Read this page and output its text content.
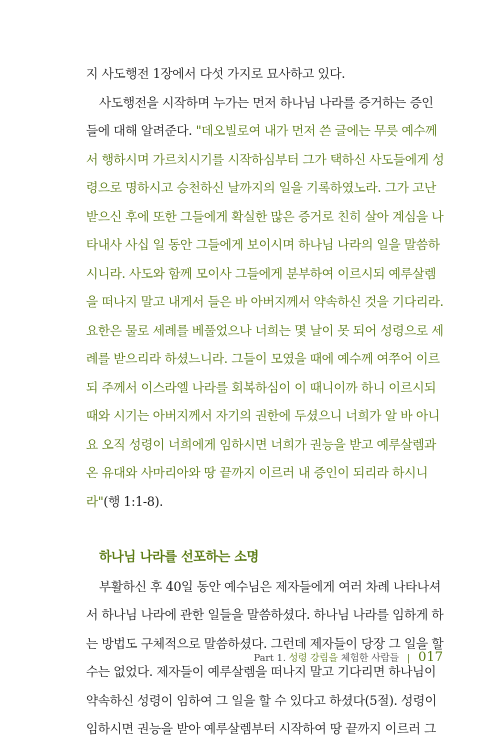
지 사도행전 1장에서 다섯 가지로 묘사하고 있다.
사도행전을 시작하며 누가는 먼저 하나님 나라를 증거하는 증인
들에 대해 알려준다. "데오빌로여 내가 먼저 쓴 글에는 무릇 예수께
서 행하시며 가르치시기를 시작하심부터 그가 택하신 사도들에게 성
령으로 명하시고 승천하신 날까지의 일을 기록하였노라. 그가 고난
받으신 후에 또한 그들에게 확실한 많은 증거로 친히 살아 계심을 나
타내사 사십 일 동안 그들에게 보이시며 하나님 나라의 일을 말씀하
시니라. 사도와 함께 모이사 그들에게 분부하여 이르시되 예루살렘
을 떠나지 말고 내게서 들은 바 아버지께서 약속하신 것을 기다리라.
요한은 물로 세례를 베풀었으나 너희는 몇 날이 못 되어 성령으로 세
례를 받으리라 하셨느니라. 그들이 모였을 때에 예수께 여쭈어 이르
되 주께서 이스라엘 나라를 회복하심이 이 때니이까 하니 이르시되
때와 시기는 아버지께서 자기의 권한에 두셨으니 너희가 알 바 아니
요 오직 성령이 너희에게 임하시면 너희가 권능을 받고 예루살렘과
온 유대와 사마리아와 땅 끝까지 이르러 내 증인이 되리라 하시니
라"(행 1:1-8).
하나님 나라를 선포하는 소명
부활하신 후 40일 동안 예수님은 제자들에게 여러 차례 나타나셔
서 하나님 나라에 관한 일들을 말씀하셨다. 하나님 나라를 임하게 하
는 방법도 구체적으로 말씀하셨다. 그런데 제자들이 당장 그 일을 할
수는 없었다. 제자들이 예루살렘을 떠나지 말고 기다리면 하나님이
약속하신 성령이 임하여 그 일을 할 수 있다고 하셨다(5절). 성령이
임하시면 권능을 받아 예루살렘부터 시작하여 땅 끝까지 이르러 그
Part 1. 성령 강림을 체험한 사람들 | 017
